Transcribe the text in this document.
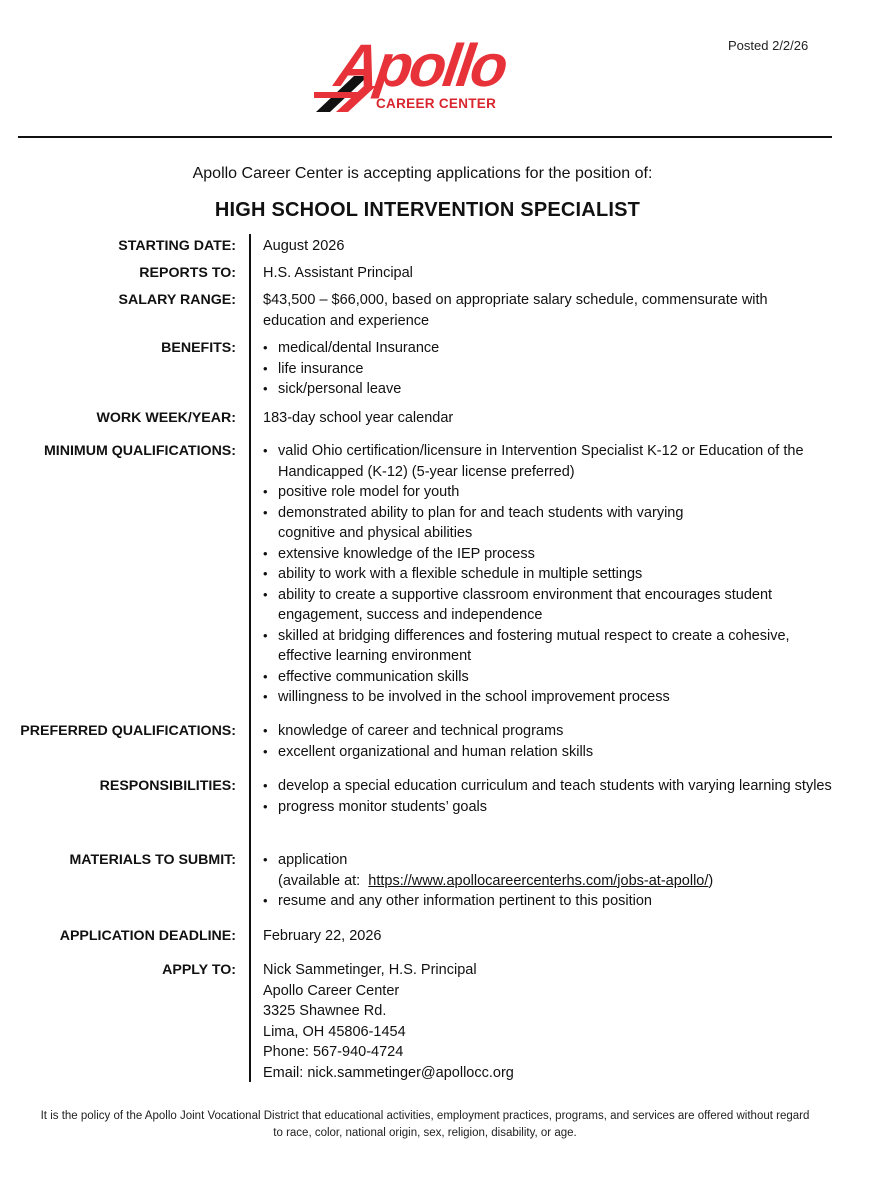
Posted 2/2/26
Apollo
CAREER CENTER
Apollo Career Center is accepting applications for the position of:
HIGH SCHOOL INTERVENTION SPECIALIST
STARTING DATE: August 2026
REPORTS TO: H.S. Assistant Principal
SALARY RANGE: $43,500 – $66,000, based on appropriate salary schedule, commensurate with education and experience
BENEFITS:	• medical/dental Insurance
• life insurance
• sick/personal leave
WORK WEEK/YEAR: 183-day school year calendar
MINIMUM QUALIFICATIONS:	• valid Ohio certification/licensure in Intervention Specialist K-12 or Education of the Handicapped (K-12) (5-year license preferred)
• positive role model for youth
• demonstrated ability to plan for and teach students with varying cognitive and physical abilities
• extensive knowledge of the IEP process
• ability to work with a flexible schedule in multiple settings
• ability to create a supportive classroom environment that encourages student engagement, success and independence
• skilled at bridging differences and fostering mutual respect to create a cohesive, effective learning environment
• effective communication skills
• willingness to be involved in the school improvement process
PREFERRED QUALIFICATIONS:	• knowledge of career and technical programs
• excellent organizational and human relation skills
RESPONSIBILITIES:	• develop a special education curriculum and teach students with varying learning styles
• progress monitor students’ goals
MATERIALS TO SUBMIT:	• application
(available at: https://www.apollocareercenterhs.com/jobs-at-apollo/)
• resume and any other information pertinent to this position
APPLICATION DEADLINE: February 22, 2026
APPLY TO: Nick Sammetinger, H.S. Principal
Apollo Career Center
3325 Shawnee Rd.
Lima, OH 45806-1454
Phone: 567-940-4724
Email: nick.sammetinger@apollocc.org
It is the policy of the Apollo Joint Vocational District that educational activities, employment practices, programs, and services are offered without regard to race, color, national origin, sex, religion, disability, or age.
